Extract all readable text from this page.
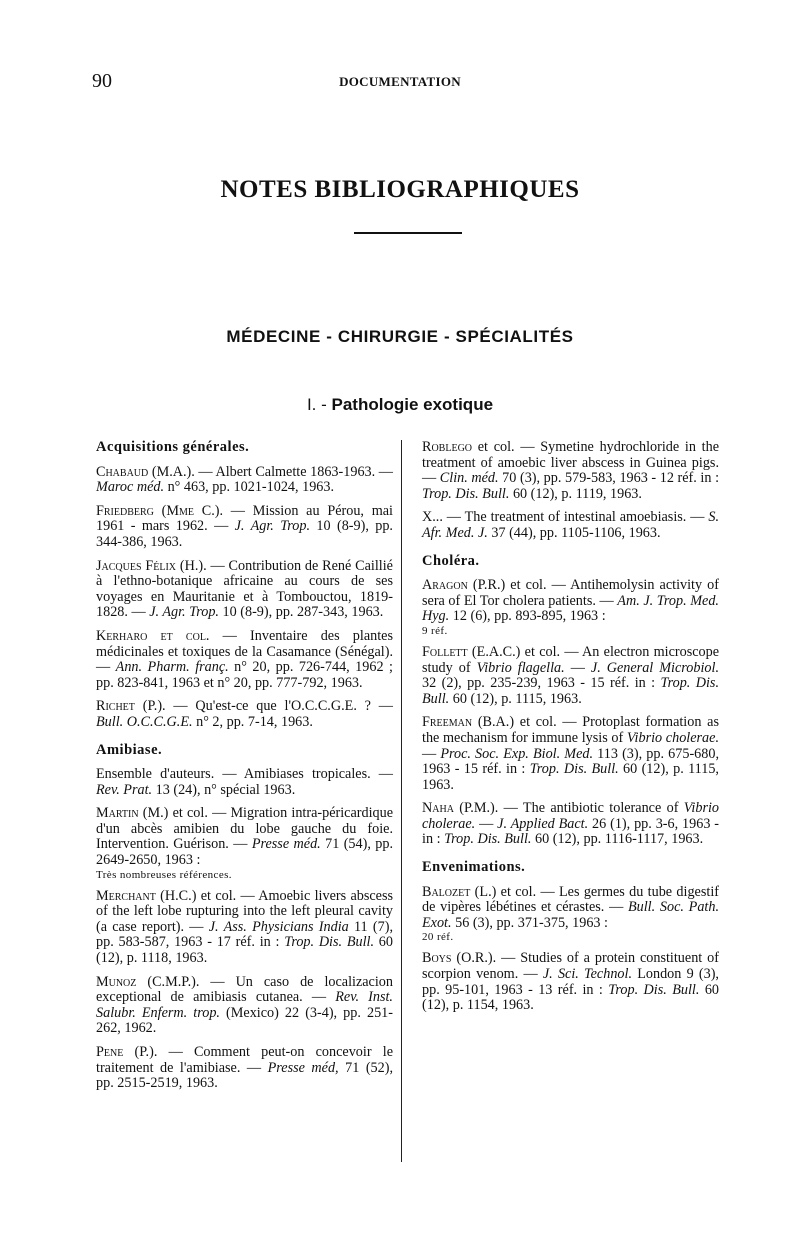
90	DOCUMENTATION
NOTES BIBLIOGRAPHIQUES
MÉDECINE - CHIRURGIE - SPÉCIALITÉS
I. - Pathologie exotique
Acquisitions générales.
Chabaud (M.A.). — Albert Calmette 1863-1963. — Maroc méd. n° 463, pp. 1021-1024, 1963.
Friedberg (Mme C.). — Mission au Pérou, mai 1961 - mars 1962. — J. Agr. Trop. 10 (8-9), pp. 344-386, 1963.
Jacques Félix (H.). — Contribution de René Caillié à l'ethno-botanique africaine au cours de ses voyages en Mauritanie et à Tombouctou, 1819-1828. — J. Agr. Trop. 10 (8-9), pp. 287-343, 1963.
Kerharo et col. — Inventaire des plantes médicinales et toxiques de la Casamance (Sénégal). — Ann. Pharm. franç. n° 20, pp. 726-744, 1962 ; pp. 823-841, 1963 et n° 20, pp. 777-792, 1963.
Richet (P.). — Qu'est-ce que l'O.C.C.G.E. ? — Bull. O.C.C.G.E. n° 2, pp. 7-14, 1963.
Amibiase.
Ensemble d'auteurs. — Amibiases tropicales. — Rev. Prat. 13 (24), n° spécial 1963.
Martin (M.) et col. — Migration intra-péricardique d'un abcès amibien du lobe gauche du foie. Intervention. Guérison. — Presse méd. 71 (54), pp. 2649-2650, 1963 :
Très nombreuses références.
Merchant (H.C.) et col. — Amoebic livers abscess of the left lobe rupturing into the left pleural cavity (a case report). — J. Ass. Physicians India 11 (7), pp. 583-587, 1963 - 17 réf. in : Trop. Dis. Bull. 60 (12), p. 1118, 1963.
Munoz (C.M.P.). — Un caso de localizacion exceptional de amibiasis cutanea. — Rev. Inst. Salubr. Enferm. trop. (Mexico) 22 (3-4), pp. 251-262, 1962.
Pene (P.). — Comment peut-on concevoir le traitement de l'amibiase. — Presse méd, 71 (52), pp. 2515-2519, 1963.
Roblego et col. — Symetine hydrochloride in the treatment of amoebic liver abscess in Guinea pigs. — Clin. méd. 70 (3), pp. 579-583, 1963 - 12 réf. in : Trop. Dis. Bull. 60 (12), p. 1119, 1963.
X... — The treatment of intestinal amoebiasis. — S. Afr. Med. J. 37 (44), pp. 1105-1106, 1963.
Choléra.
Aragon (P.R.) et col. — Antihemolysin activity of sera of El Tor cholera patients. — Am. J. Trop. Med. Hyg. 12 (6), pp. 893-895, 1963 :
9 réf.
Follett (E.A.C.) et col. — An electron microscope study of Vibrio flagella. — J. General Microbiol. 32 (2), pp. 235-239, 1963 - 15 réf. in : Trop. Dis. Bull. 60 (12), p. 1115, 1963.
Freeman (B.A.) et col. — Protoplast formation as the mechanism for immune lysis of Vibrio cholerae. — Proc. Soc. Exp. Biol. Med. 113 (3), pp. 675-680, 1963 - 15 réf. in : Trop. Dis. Bull. 60 (12), p. 1115, 1963.
Naha (P.M.). — The antibiotic tolerance of Vibrio cholerae. — J. Applied Bact. 26 (1), pp. 3-6, 1963 - in : Trop. Dis. Bull. 60 (12), pp. 1116-1117, 1963.
Envenimations.
Balozet (L.) et col. — Les germes du tube digestif de vipères lébétines et cérastes. — Bull. Soc. Path. Exot. 56 (3), pp. 371-375, 1963 :
20 réf.
Boys (O.R.). — Studies of a protein constituent of scorpion venom. — J. Sci. Technol. London 9 (3), pp. 95-101, 1963 - 13 réf. in : Trop. Dis. Bull. 60 (12), p. 1154, 1963.
